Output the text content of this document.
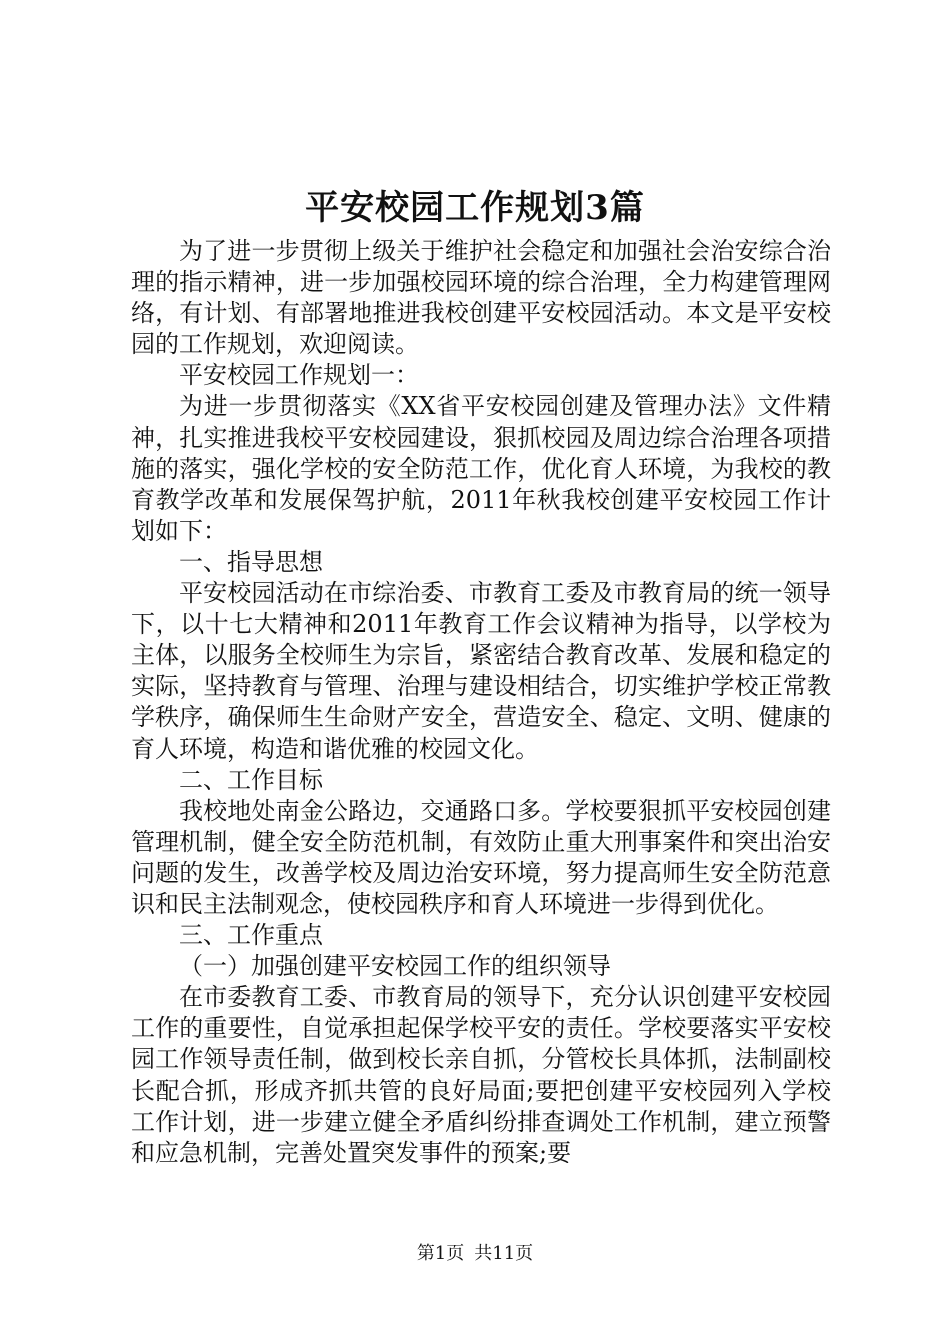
平安校园工作规划3篇

为了进一步贯彻上级关于维护社会稳定和加强社会治安综合治理的指示精神，进一步加强校园环境的综合治理，全力构建管理网络，有计划、有部署地推进我校创建平安校园活动。本文是平安校园的工作规划，欢迎阅读。

平安校园工作规划一：

为进一步贯彻落实《XX省平安校园创建及管理办法》文件精神，扎实推进我校平安校园建设，狠抓校园及周边综合治理各项措施的落实，强化学校的安全防范工作，优化育人环境，为我校的教育教学改革和发展保驾护航，2011年秋我校创建平安校园工作计划如下：

一、指导思想

平安校园活动在市综治委、市教育工委及市教育局的统一领导下，以十七大精神和2011年教育工作会议精神为指导，以学校为主体，以服务全校师生为宗旨，紧密结合教育改革、发展和稳定的实际，坚持教育与管理、治理与建设相结合，切实维护学校正常教学秩序，确保师生生命财产安全，营造安全、稳定、文明、健康的育人环境，构造和谐优雅的校园文化。

二、工作目标

我校地处南金公路边，交通路口多。学校要狠抓平安校园创建管理机制，健全安全防范机制，有效防止重大刑事案件和突出治安问题的发生，改善学校及周边治安环境，努力提高师生安全防范意识和民主法制观念，使校园秩序和育人环境进一步得到优化。

三、工作重点

（一）加强创建平安校园工作的组织领导

在市委教育工委、市教育局的领导下，充分认识创建平安校园工作的重要性，自觉承担起保学校平安的责任。学校要落实平安校园工作领导责任制，做到校长亲自抓，分管校长具体抓，法制副校长配合抓，形成齐抓共管的良好局面;要把创建平安校园列入学校工作计划，进一步建立健全矛盾纠纷排查调处工作机制，建立预警和应急机制，完善处置突发事件的预案;要

第1页 共11页
